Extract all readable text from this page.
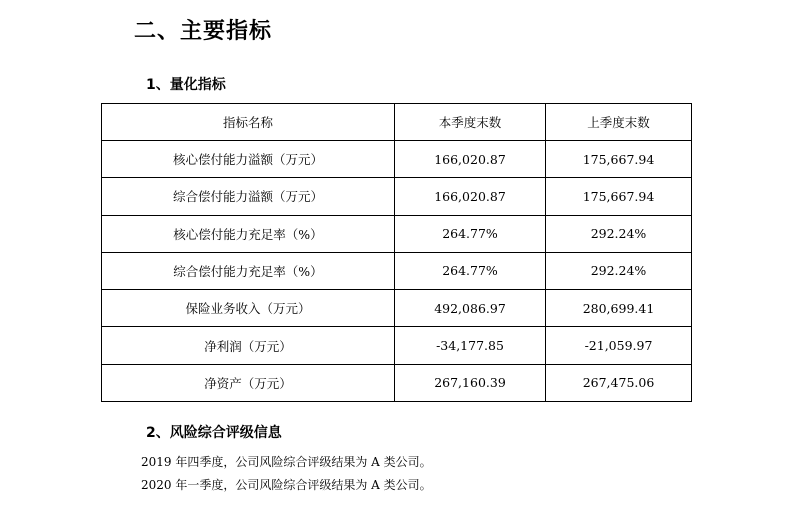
二、主要指标
1、量化指标
指标名称	本季度末数	上季度末数
核心偿付能力溢额（万元）	166,020.87	175,667.94
综合偿付能力溢额（万元）	166,020.87	175,667.94
核心偿付能力充足率（%）	264.77%	292.24%
综合偿付能力充足率（%）	264.77%	292.24%
保险业务收入（万元）	492,086.97	280,699.41
净利润（万元）	-34,177.85	-21,059.97
净资产（万元）	267,160.39	267,475.06
2、风险综合评级信息
2019 年四季度，公司风险综合评级结果为 A 类公司。
2020 年一季度，公司风险综合评级结果为 A 类公司。
